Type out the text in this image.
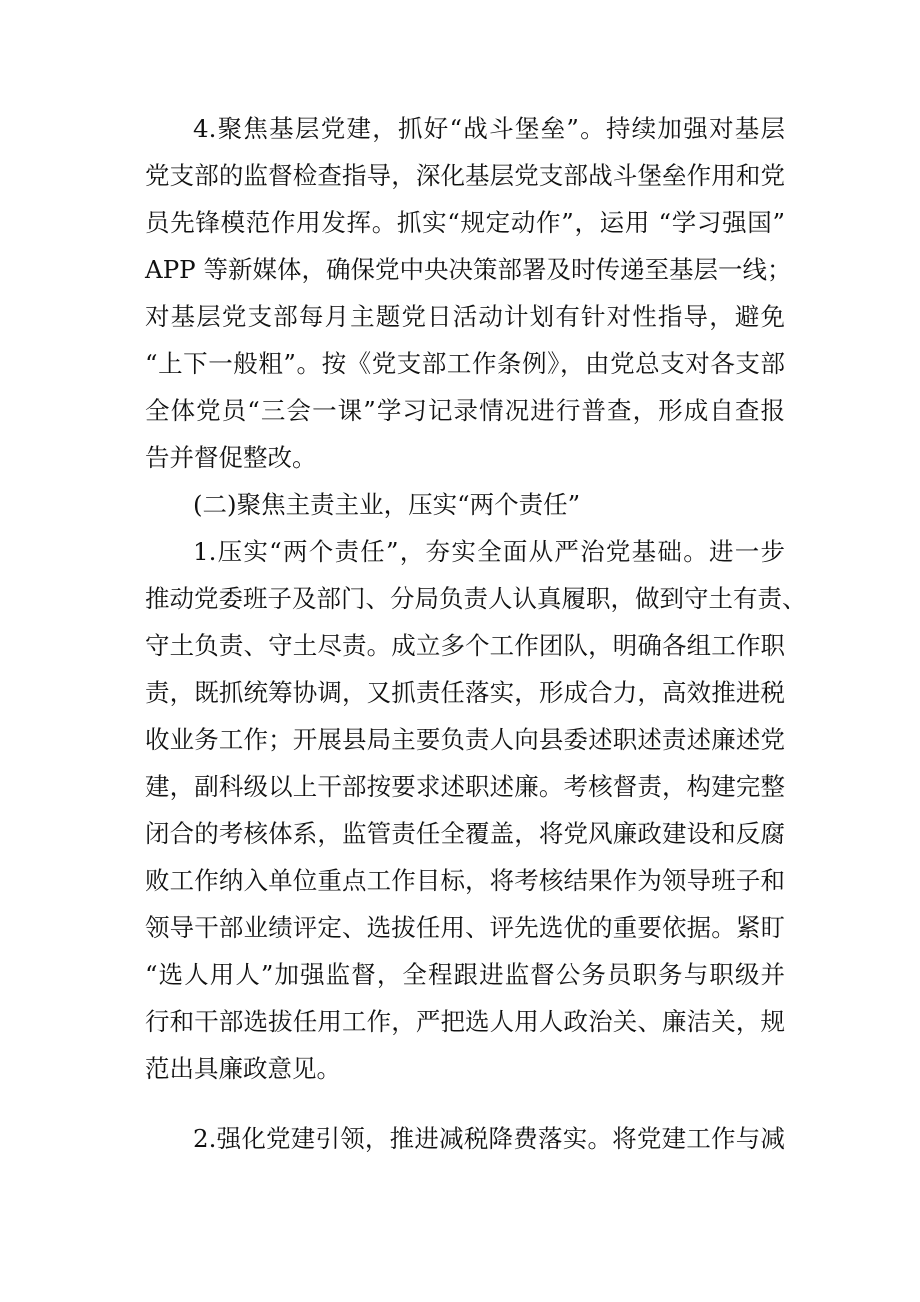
4.聚焦基层党建，抓好“战斗堡垒”。持续加强对基层
党支部的监督检查指导，深化基层党支部战斗堡垒作用和党
员先锋模范作用发挥。抓实“规定动作”，运用 “学习强国”
APP 等新媒体，确保党中央决策部署及时传递至基层一线；
对基层党支部每月主题党日活动计划有针对性指导，避免
“上下一般粗”。按《党支部工作条例》，由党总支对各支部
全体党员“三会一课”学习记录情况进行普查，形成自查报
告并督促整改。
(二)聚焦主责主业，压实“两个责任”
1.压实“两个责任”，夯实全面从严治党基础。进一步
推动党委班子及部门、分局负责人认真履职，做到守土有责、
守土负责、守土尽责。成立多个工作团队，明确各组工作职
责，既抓统筹协调，又抓责任落实，形成合力，高效推进税
收业务工作；开展县局主要负责人向县委述职述责述廉述党
建，副科级以上干部按要求述职述廉。考核督责，构建完整
闭合的考核体系，监管责任全覆盖，将党风廉政建设和反腐
败工作纳入单位重点工作目标，将考核结果作为领导班子和
领导干部业绩评定、选拔任用、评先选优的重要依据。紧盯
“选人用人”加强监督，全程跟进监督公务员职务与职级并
行和干部选拔任用工作，严把选人用人政治关、廉洁关，规
范出具廉政意见。
2.强化党建引领，推进减税降费落实。将党建工作与减
